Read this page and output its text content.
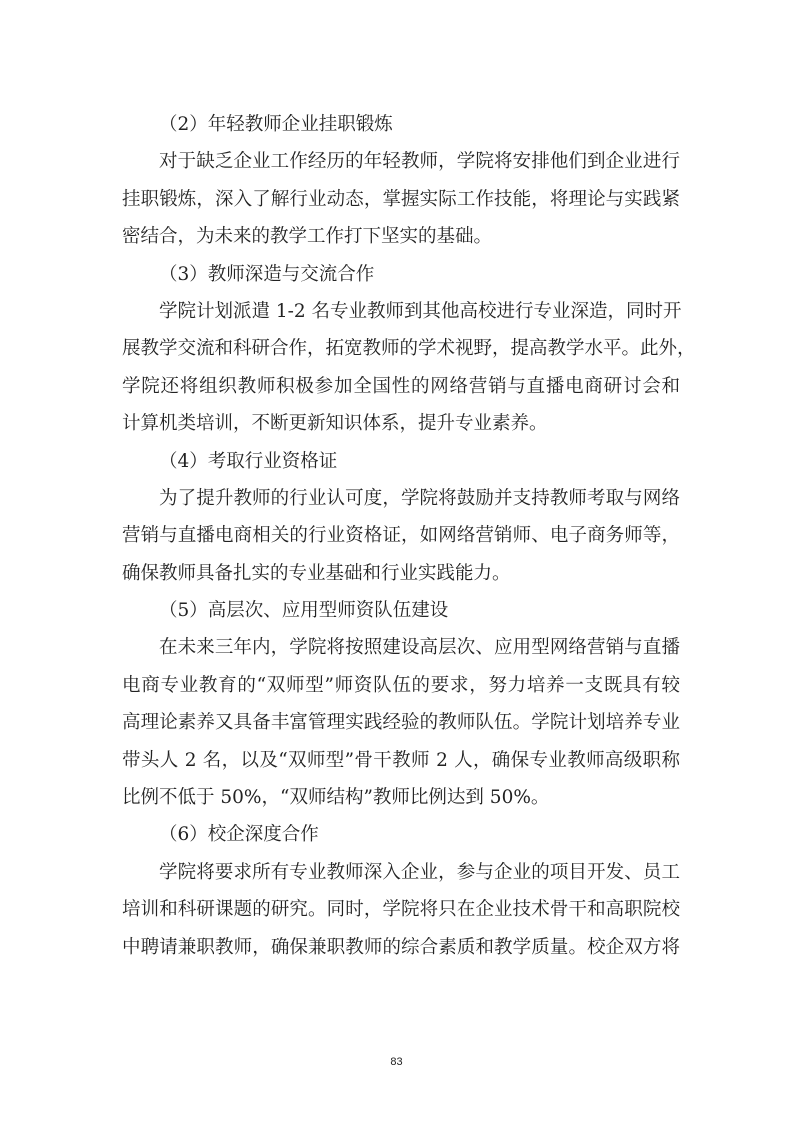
（2）年轻教师企业挂职锻炼
对于缺乏企业工作经历的年轻教师，学院将安排他们到企业进行
挂职锻炼，深入了解行业动态，掌握实际工作技能，将理论与实践紧
密结合，为未来的教学工作打下坚实的基础。
（3）教师深造与交流合作
学院计划派遣 1-2 名专业教师到其他高校进行专业深造，同时开
展教学交流和科研合作，拓宽教师的学术视野，提高教学水平。此外，
学院还将组织教师积极参加全国性的网络营销与直播电商研讨会和
计算机类培训，不断更新知识体系，提升专业素养。
（4）考取行业资格证
为了提升教师的行业认可度，学院将鼓励并支持教师考取与网络
营销与直播电商相关的行业资格证，如网络营销师、电子商务师等，
确保教师具备扎实的专业基础和行业实践能力。
（5）高层次、应用型师资队伍建设
在未来三年内，学院将按照建设高层次、应用型网络营销与直播
电商专业教育的“双师型”师资队伍的要求，努力培养一支既具有较
高理论素养又具备丰富管理实践经验的教师队伍。学院计划培养专业
带头人 2 名，以及“双师型”骨干教师 2 人，确保专业教师高级职称
比例不低于 50%，“双师结构”教师比例达到 50%。
（6）校企深度合作
学院将要求所有专业教师深入企业，参与企业的项目开发、员工
培训和科研课题的研究。同时，学院将只在企业技术骨干和高职院校
中聘请兼职教师，确保兼职教师的综合素质和教学质量。校企双方将
83
